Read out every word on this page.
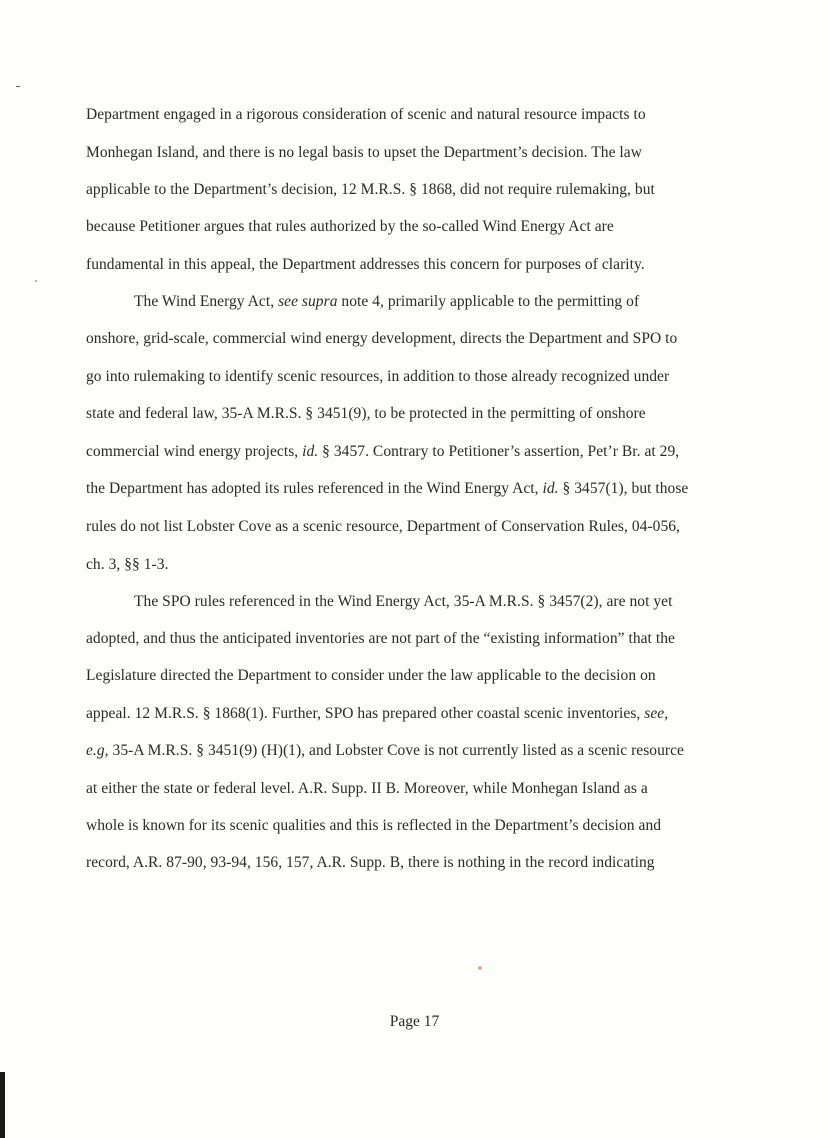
Department engaged in a rigorous consideration of scenic and natural resource impacts to
Monhegan Island, and there is no legal basis to upset the Department’s decision. The law
applicable to the Department’s decision, 12 M.R.S. § 1868, did not require rulemaking, but
because Petitioner argues that rules authorized by the so-called Wind Energy Act are
fundamental in this appeal, the Department addresses this concern for purposes of clarity.
The Wind Energy Act, see supra note 4, primarily applicable to the permitting of
onshore, grid-scale, commercial wind energy development, directs the Department and SPO to
go into rulemaking to identify scenic resources, in addition to those already recognized under
state and federal law, 35-A M.R.S. § 3451(9), to be protected in the permitting of onshore
commercial wind energy projects, id. § 3457. Contrary to Petitioner’s assertion, Pet’r Br. at 29,
the Department has adopted its rules referenced in the Wind Energy Act, id. § 3457(1), but those
rules do not list Lobster Cove as a scenic resource, Department of Conservation Rules, 04-056,
ch. 3, §§ 1-3.
The SPO rules referenced in the Wind Energy Act, 35-A M.R.S. § 3457(2), are not yet
adopted, and thus the anticipated inventories are not part of the “existing information” that the
Legislature directed the Department to consider under the law applicable to the decision on
appeal. 12 M.R.S. § 1868(1). Further, SPO has prepared other coastal scenic inventories, see,
e.g, 35-A M.R.S. § 3451(9) (H)(1), and Lobster Cove is not currently listed as a scenic resource
at either the state or federal level. A.R. Supp. II B. Moreover, while Monhegan Island as a
whole is known for its scenic qualities and this is reflected in the Department’s decision and
record, A.R. 87-90, 93-94, 156, 157, A.R. Supp. B, there is nothing in the record indicating
Page 17
